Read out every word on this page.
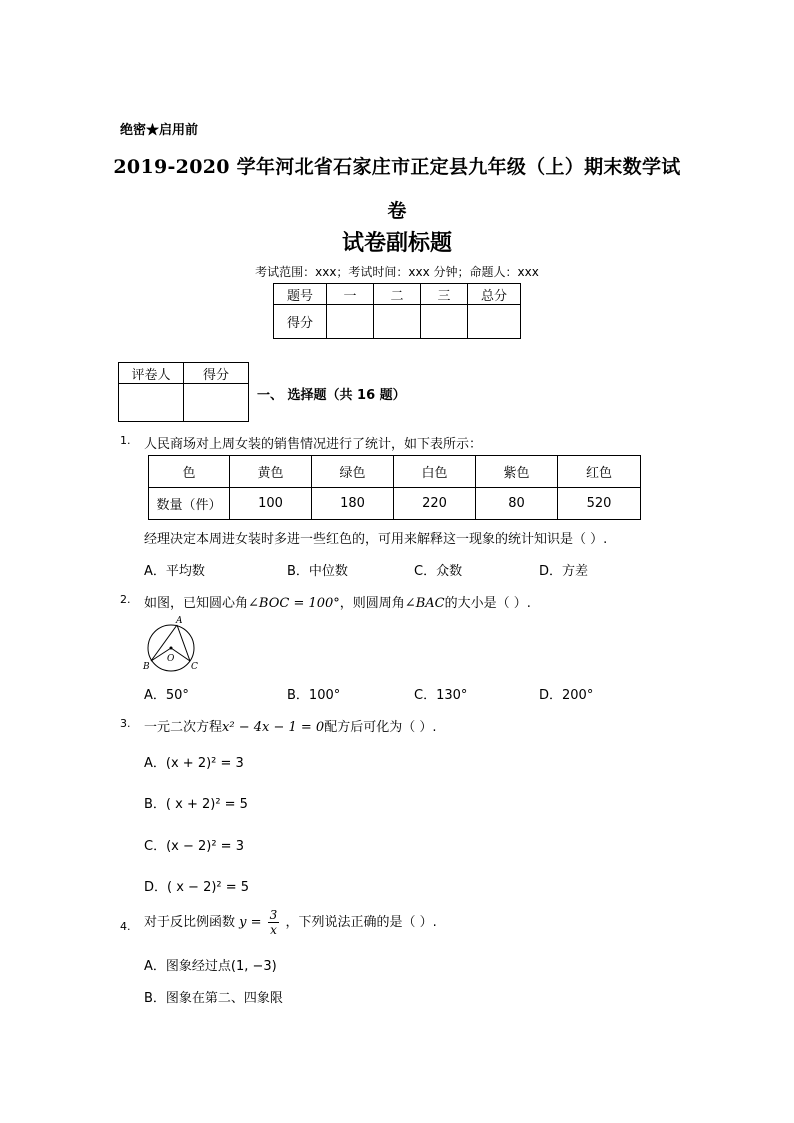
绝密★启用前
2019-2020 学年河北省石家庄市正定县九年级（上）期末数学试
卷
试卷副标题
考试范围：xxx；考试时间：xxx 分钟；命题人：xxx
题号	一	二	三	总分
得分				
评卷人	得分

一、 选择题（共 16 题）
1. 人民商场对上周女装的销售情况进行了统计，如下表所示：
色	黄色	绿色	白色	紫色	红色
数量（件）	100	180	220	80	520
经理决定本周进女装时多进一些红色的，可用来解释这一现象的统计知识是（ ）.
A．平均数	B．中位数	C．众数	D．方差
2. 如图，已知圆心角∠BOC = 100°，则圆周角∠BAC的大小是（ ）.
A
B	C
O
A．50°	B．100°	C．130°	D．200°
3. 一元二次方程x² − 4x − 1 = 0配方后可化为（ ）.
A．(x + 2)² = 3
B．( x + 2)² = 5
C．(x − 2)² = 3
D．( x − 2)² = 5
4. 对于反比例函数 $y = \frac{3}{x}$ ，下列说法正确的是（ ）.
A．图象经过点(1, −3)
B．图象在第二、四象限
